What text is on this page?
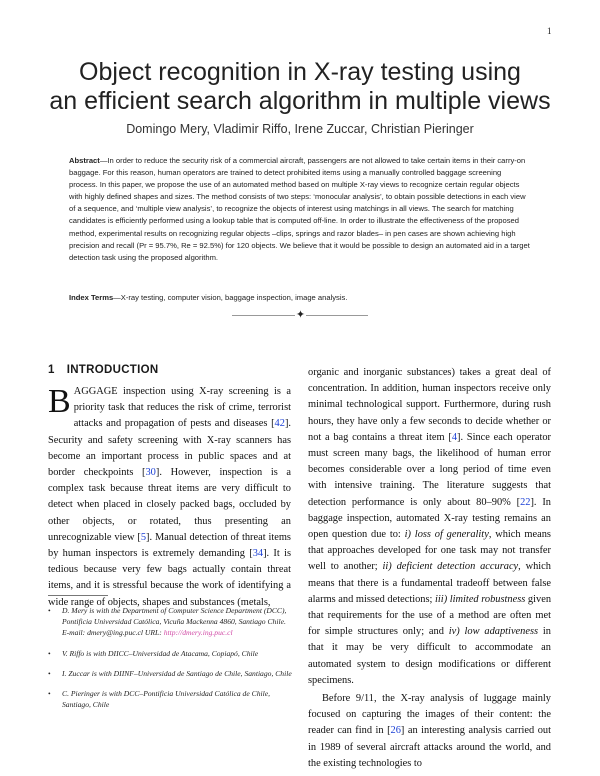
1
Object recognition in X-ray testing using
an efficient search algorithm in multiple views
Domingo Mery, Vladimir Riffo, Irene Zuccar, Christian Pieringer
Abstract—In order to reduce the security risk of a commercial aircraft, passengers are not allowed to take certain items in their carry-on baggage. For this reason, human operators are trained to detect prohibited items using a manually controlled baggage screening process. In this paper, we propose the use of an automated method based on multiple X-ray views to recognize certain regular objects with highly defined shapes and sizes. The method consists of two steps: ‘monocular analysis’, to obtain possible detections in each view of a sequence, and ‘multiple view analysis’, to recognize the objects of interest using matchings in all views. The search for matching candidates is efficiently performed using a lookup table that is computed off-line. In order to illustrate the effectiveness of the proposed method, experimental results on recognizing regular objects –clips, springs and razor blades– in pen cases are shown achieving high precision and recall (Pr = 95.7%, Re = 92.5%) for 120 objects. We believe that it would be possible to design an automated aid in a target detection task using the proposed algorithm.
Index Terms—X-ray testing, computer vision, baggage inspection, image analysis.
✦
1 INTRODUCTION

BAGGAGE inspection using X-ray screening is a priority task that reduces the risk of crime, terrorist attacks and propagation of pests and diseases [42]. Security and safety screening with X-ray scanners has become an important process in public spaces and at border checkpoints [30]. However, inspection is a complex task because threat items are very difficult to detect when placed in closely packed bags, occluded by other objects, or rotated, thus presenting an unrecognizable view [5]. Manual detection of threat items by human inspectors is extremely demanding [34]. It is tedious because very few bags actually contain threat items, and it is stressful because the work of identifying a wide range of objects, shapes and substances (metals,

organic and inorganic substances) takes a great deal of concentration. In addition, human inspectors receive only minimal technological support. Furthermore, during rush hours, they have only a few seconds to decide whether or not a bag contains a threat item [4]. Since each operator must screen many bags, the likelihood of human error becomes considerable over a long period of time even with intensive training. The literature suggests that detection performance is only about 80–90% [22]. In baggage inspection, automated X-ray testing remains an open question due to: i) loss of generality, which means that approaches developed for one task may not transfer well to another; ii) deficient detection accuracy, which means that there is a fundamental tradeoff between false alarms and missed detections; iii) limited robustness given that requirements for the use of a method are often met for simple structures only; and iv) low adaptiveness in that it may be very difficult to accommodate an automated system to design modifications or different specimens.

Before 9/11, the X-ray analysis of luggage mainly focused on capturing the images of their content: the reader can find in [26] an interesting analysis carried out in 1989 of several aircraft attacks around the world, and the existing technologies to

• D. Mery is with the Department of Computer Science Department (DCC), Pontificia Universidad Católica, Vicuña Mackenna 4860, Santiago Chile. E-mail: dmery@ing.puc.cl URL: http://dmery.ing.puc.cl
• V. Riffo is with DIICC–Universidad de Atacama, Copiapó, Chile
• I. Zuccar is with DIINF–Universidad de Santiago de Chile, Santiago, Chile
• C. Pieringer is with DCC–Pontificia Universidad Católica de Chile, Santiago, Chile
